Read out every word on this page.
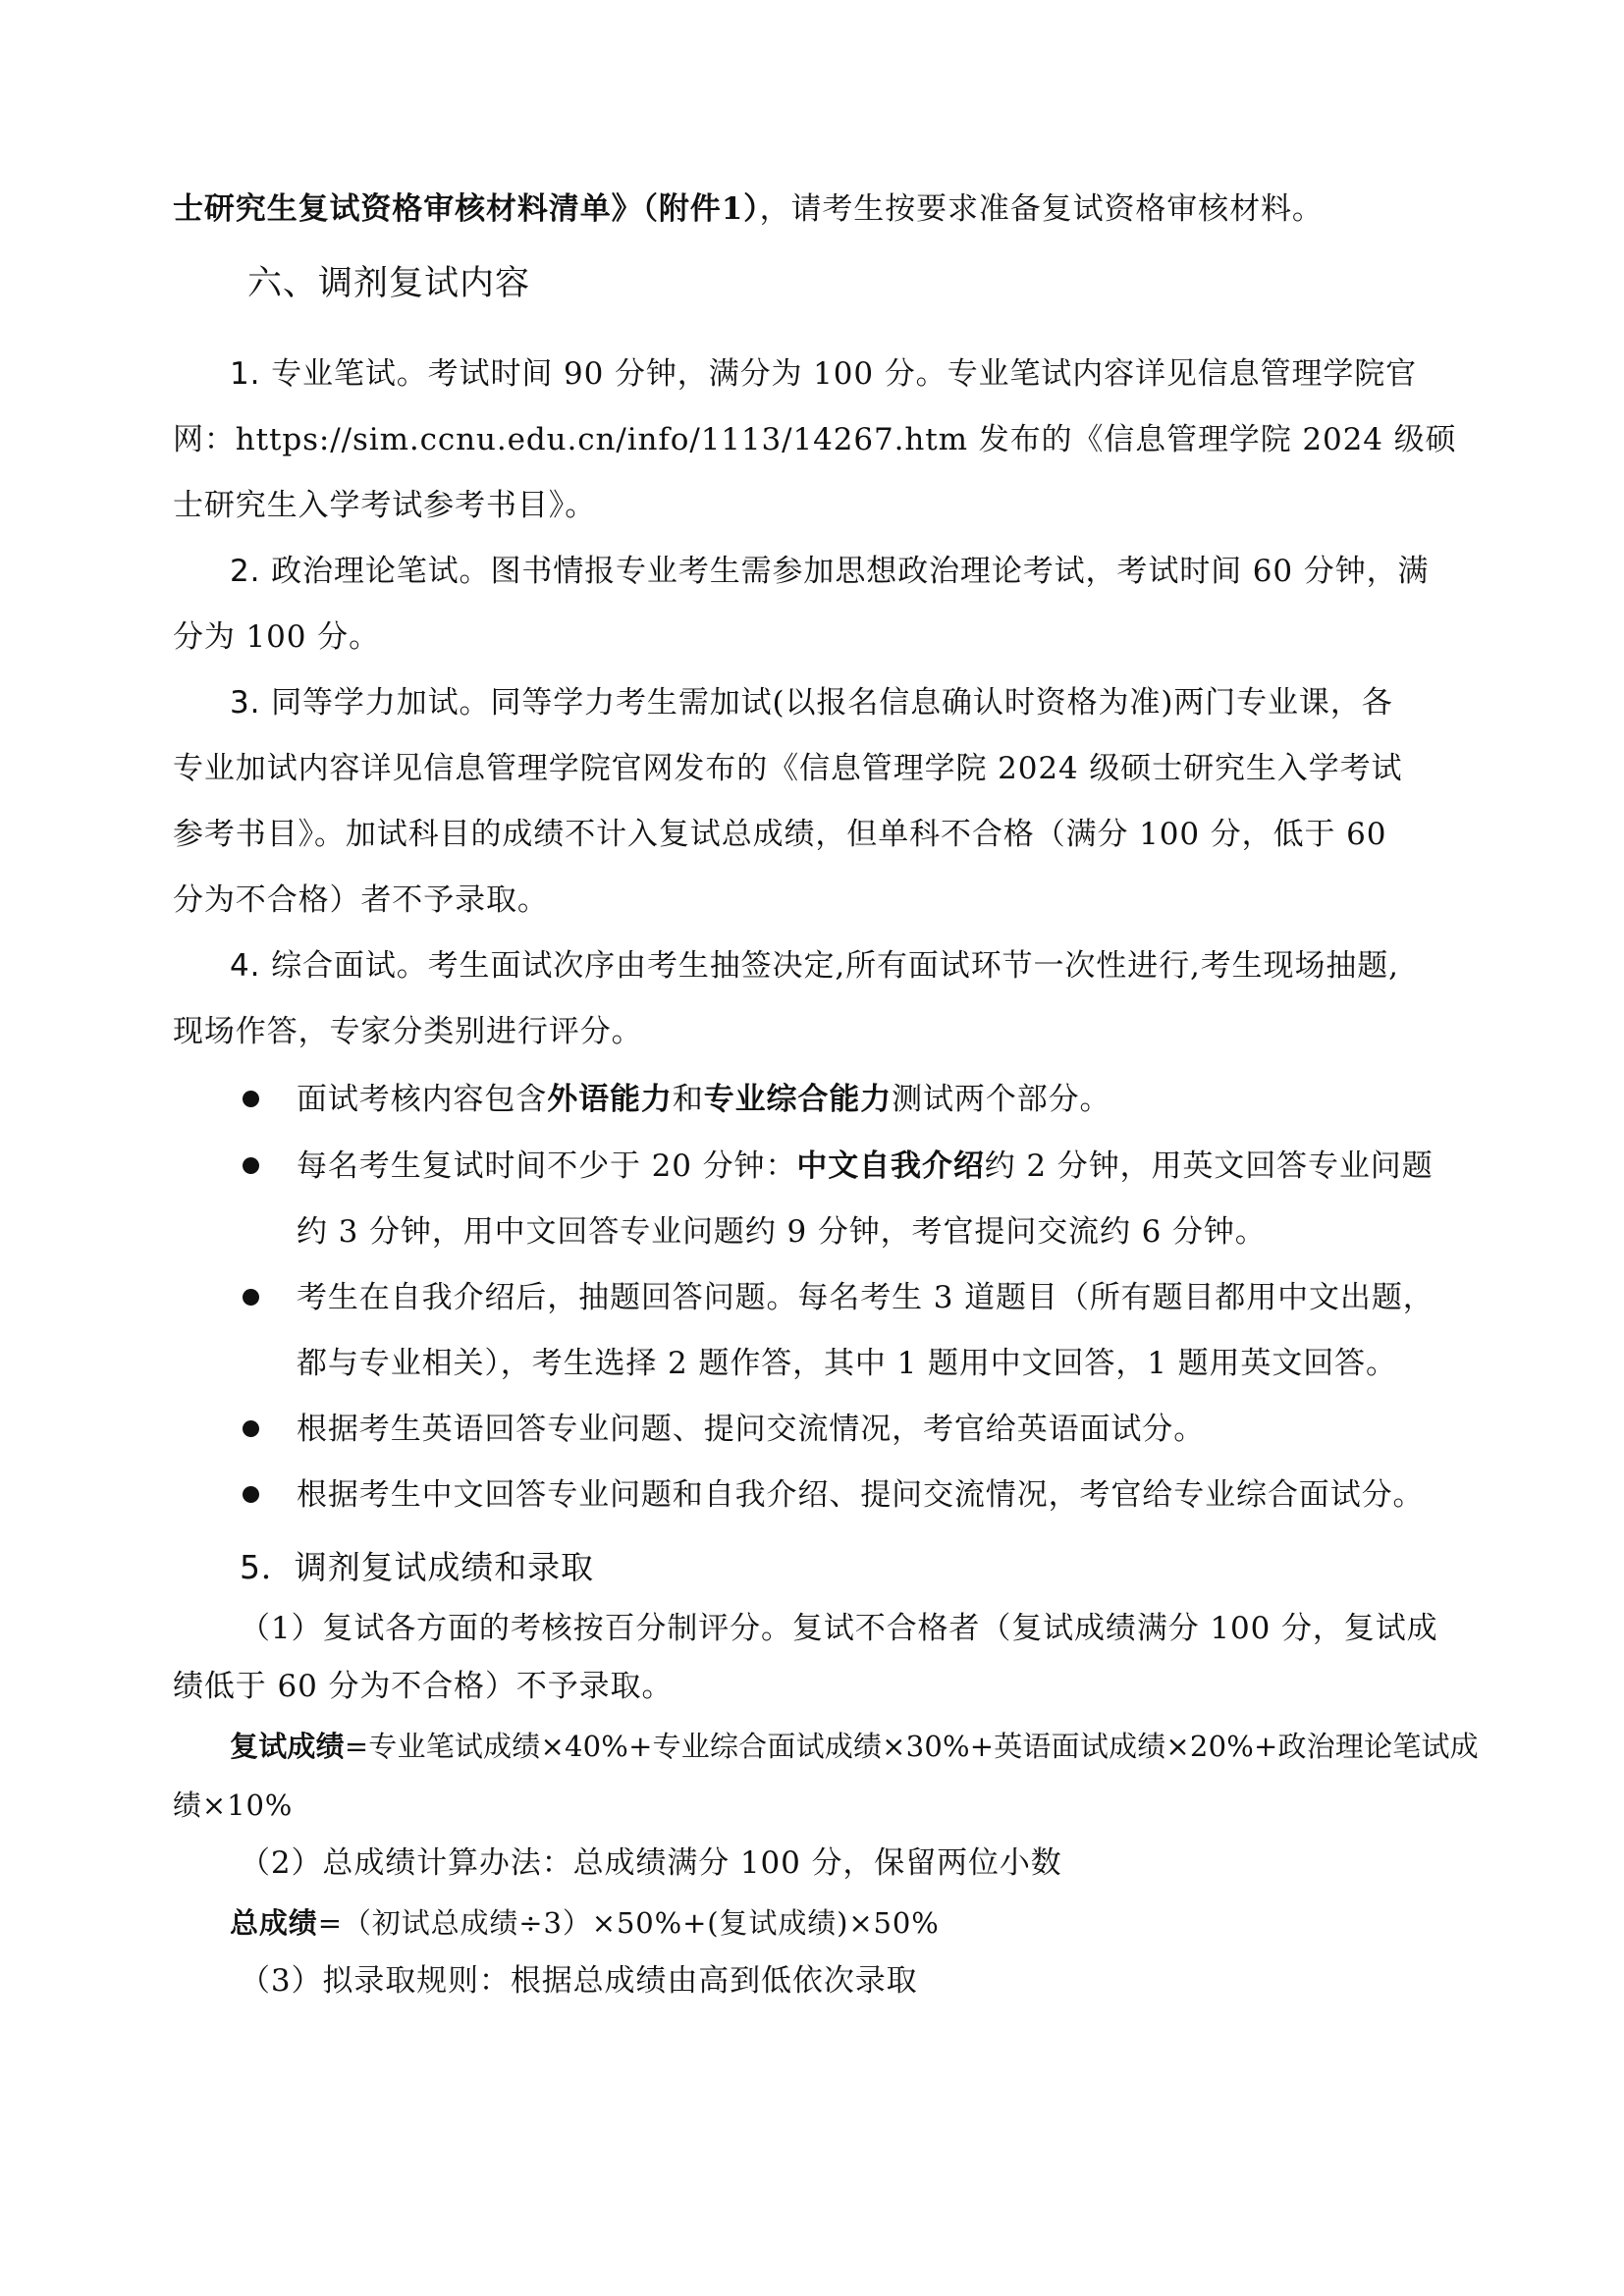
士研究生复试资格审核材料清单》（附件1），请考生按要求准备复试资格审核材料。
六、调剂复试内容
1. 专业笔试。考试时间 90 分钟，满分为 100 分。专业笔试内容详见信息管理学院官
网：https://sim.ccnu.edu.cn/info/1113/14267.htm 发布的《信息管理学院 2024 级硕
士研究生入学考试参考书目》。
2. 政治理论笔试。图书情报专业考生需参加思想政治理论考试，考试时间 60 分钟，满
分为 100 分。
3. 同等学力加试。同等学力考生需加试(以报名信息确认时资格为准)两门专业课，各
专业加试内容详见信息管理学院官网发布的《信息管理学院 2024 级硕士研究生入学考试
参考书目》。加试科目的成绩不计入复试总成绩，但单科不合格（满分 100 分，低于 60
分为不合格）者不予录取。
4. 综合面试。考生面试次序由考生抽签决定,所有面试环节一次性进行,考生现场抽题,
现场作答，专家分类别进行评分。
面试考核内容包含外语能力和专业综合能力测试两个部分。
每名考生复试时间不少于 20 分钟：中文自我介绍约 2 分钟，用英文回答专业问题
约 3 分钟，用中文回答专业问题约 9 分钟，考官提问交流约 6 分钟。
考生在自我介绍后，抽题回答问题。每名考生 3 道题目（所有题目都用中文出题，
都与专业相关），考生选择 2 题作答，其中 1 题用中文回答，1 题用英文回答。
根据考生英语回答专业问题、提问交流情况，考官给英语面试分。
根据考生中文回答专业问题和自我介绍、提问交流情况，考官给专业综合面试分。
5．调剂复试成绩和录取
（1）复试各方面的考核按百分制评分。复试不合格者（复试成绩满分 100 分，复试成
绩低于 60 分为不合格）不予录取。
复试成绩=专业笔试成绩×40%+专业综合面试成绩×30%+英语面试成绩×20%+政治理论笔试成
绩×10%
（2）总成绩计算办法：总成绩满分 100 分，保留两位小数
总成绩=（初试总成绩÷3）×50%+(复试成绩)×50%
（3）拟录取规则：根据总成绩由高到低依次录取
